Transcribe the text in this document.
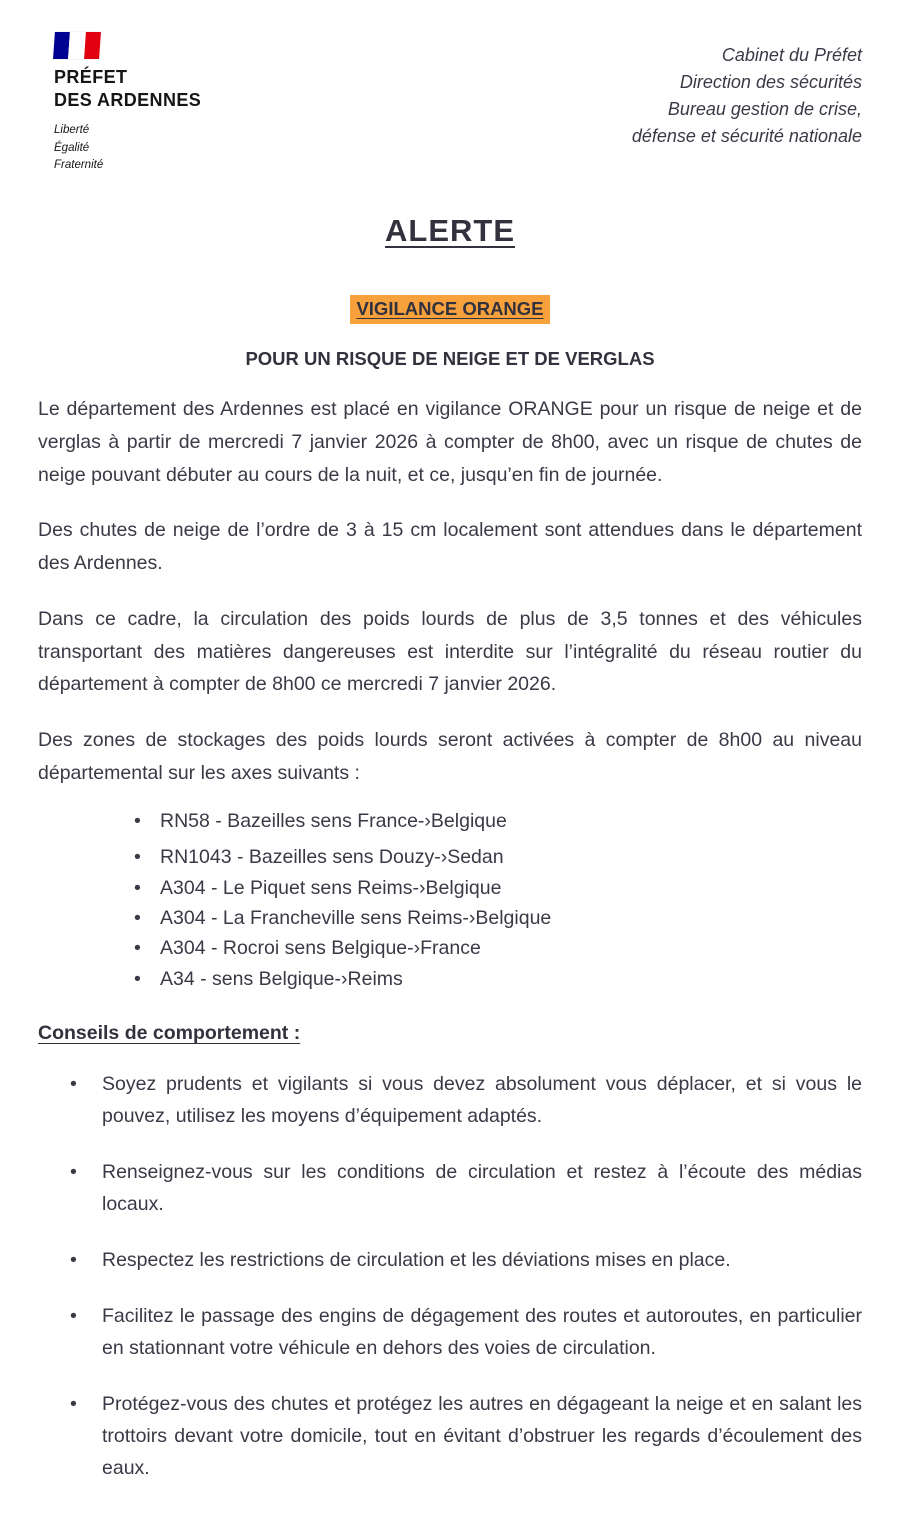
PRÉFET
DES ARDENNES
Liberté
Égalité
Fraternité
Cabinet du Préfet
Direction des sécurités
Bureau gestion de crise,
défense et sécurité nationale
ALERTE
VIGILANCE ORANGE
POUR UN RISQUE DE NEIGE ET DE VERGLAS

Le département des Ardennes est placé en vigilance ORANGE pour un risque de neige et de verglas à partir de mercredi 7 janvier 2026 à compter de 8h00, avec un risque de chutes de neige pouvant débuter au cours de la nuit, et ce, jusqu’en fin de journée.

Des chutes de neige de l’ordre de 3 à 15 cm localement sont attendues dans le département des Ardennes.

Dans ce cadre, la circulation des poids lourds de plus de 3,5 tonnes et des véhicules transportant des matières dangereuses est interdite sur l’intégralité du réseau routier du département à compter de 8h00 ce mercredi 7 janvier 2026.

Des zones de stockages des poids lourds seront activées à compter de 8h00 au niveau départemental sur les axes suivants :

• RN58 - Bazeilles sens France-›Belgique
• RN1043 - Bazeilles sens Douzy-›Sedan
• A304 - Le Piquet sens Reims-›Belgique
• A304 - La Francheville sens Reims-›Belgique
• A304 - Rocroi sens Belgique-›France
• A34 - sens Belgique-›Reims
Conseils de comportement :
•
Soyez prudents et vigilants si vous devez absolument vous déplacer, et si vous le pouvez, utilisez les moyens d’équipement adaptés.
•
Renseignez-vous sur les conditions de circulation et restez à l’écoute des médias locaux.
•
Respectez les restrictions de circulation et les déviations mises en place.
•
Facilitez le passage des engins de dégagement des routes et autoroutes, en particulier en stationnant votre véhicule en dehors des voies de circulation.
•
Protégez-vous des chutes et protégez les autres en dégageant la neige et en salant les trottoirs devant votre domicile, tout en évitant d’obstruer les regards d’écoulement des eaux.
